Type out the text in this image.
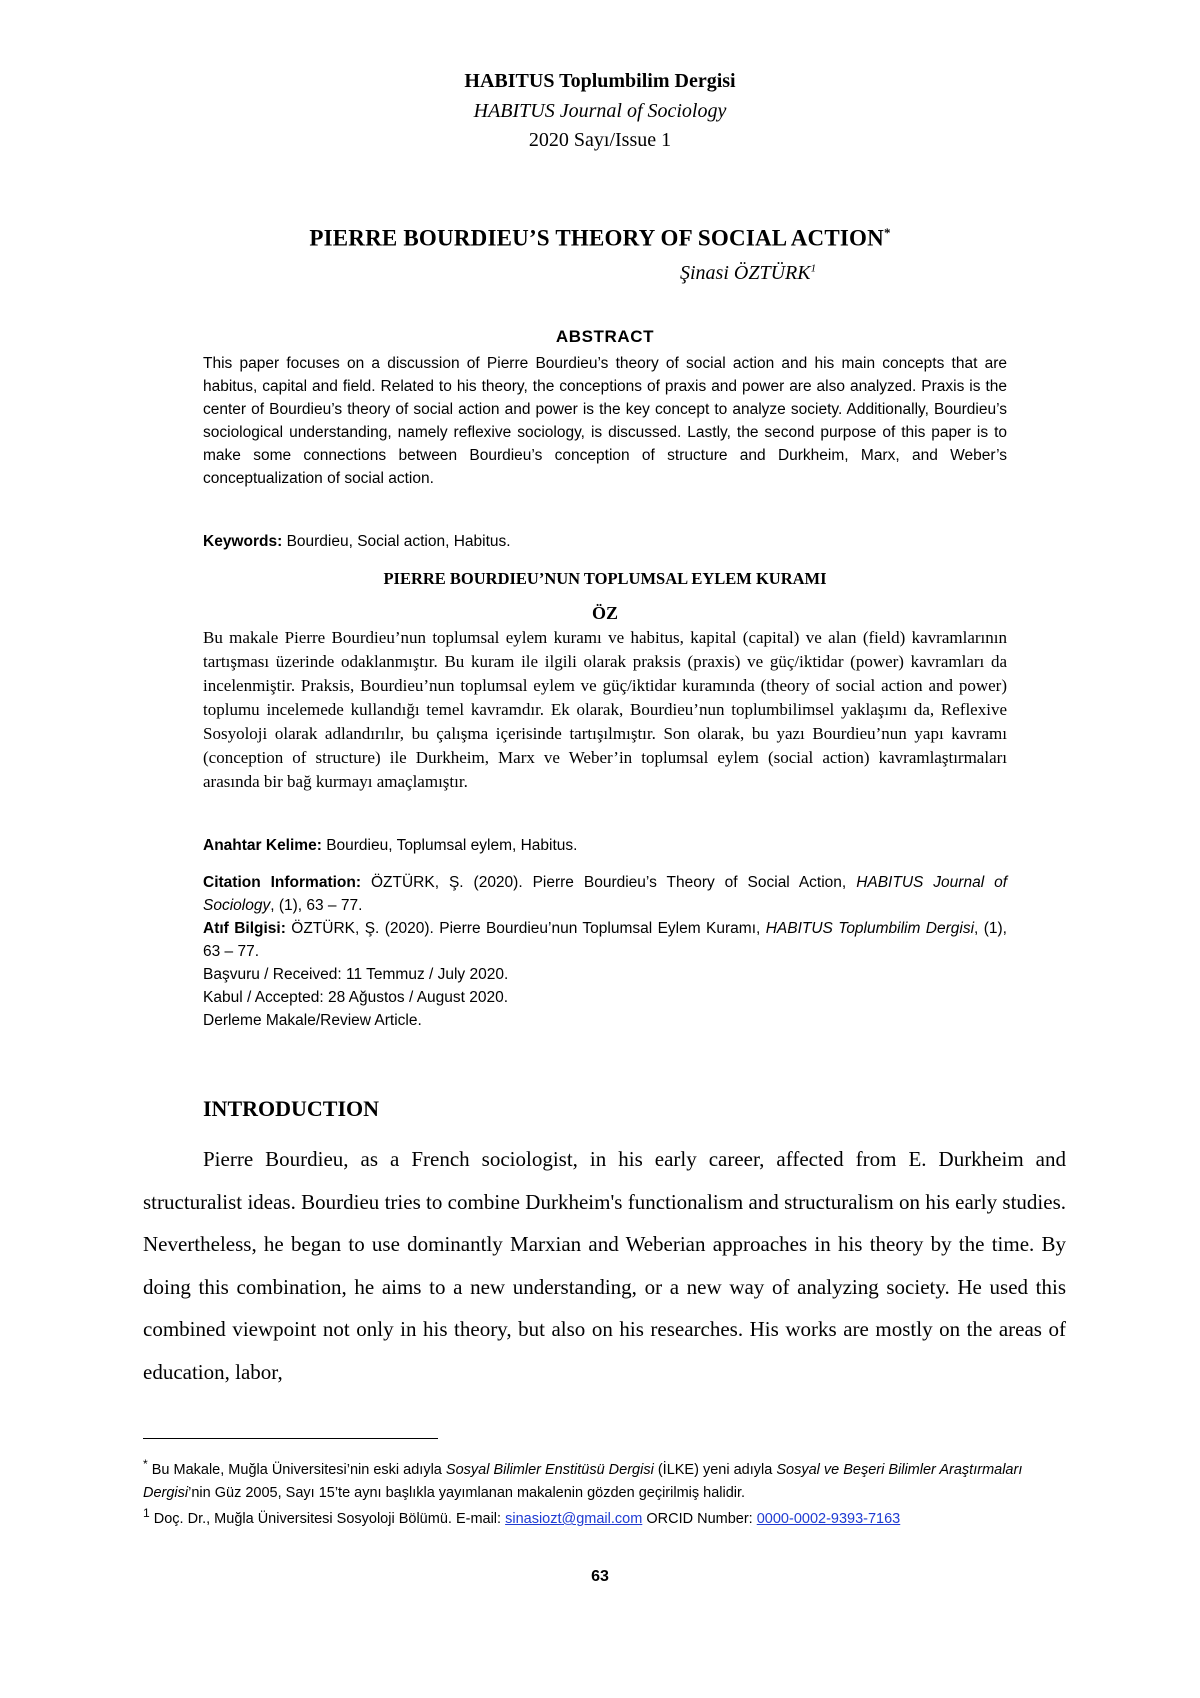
HABITUS Toplumbilim Dergisi
HABITUS Journal of Sociology
2020 Sayı/Issue 1
PIERRE BOURDIEU’S THEORY OF SOCIAL ACTION*
Şinasi ÖZTÜRK$^1$
ABSTRACT
This paper focuses on a discussion of Pierre Bourdieu’s theory of social action and his main concepts that are habitus, capital and field. Related to his theory, the conceptions of praxis and power are also analyzed. Praxis is the center of Bourdieu’s theory of social action and power is the key concept to analyze society. Additionally, Bourdieu’s sociological understanding, namely reflexive sociology, is discussed. Lastly, the second purpose of this paper is to make some connections between Bourdieu’s conception of structure and Durkheim, Marx, and Weber’s conceptualization of social action.
Keywords: Bourdieu, Social action, Habitus.
PIERRE BOURDIEU’NUN TOPLUMSAL EYLEM KURAMI
ÖZ
Bu makale Pierre Bourdieu’nun toplumsal eylem kuramı ve habitus, kapital (capital) ve alan (field) kavramlarının tartışması üzerinde odaklanmıştır. Bu kuram ile ilgili olarak praksis (praxis) ve güç/iktidar (power) kavramları da incelenmiştir. Praksis, Bourdieu’nun toplumsal eylem ve güç/iktidar kuramında (theory of social action and power) toplumu incelemede kullandığı temel kavramdır. Ek olarak, Bourdieu’nun toplumbilimsel yaklaşımı da, Reflexive Sosyoloji olarak adlandırılır, bu çalışma içerisinde tartışılmıştır. Son olarak, bu yazı Bourdieu’nun yapı kavramı (conception of structure) ile Durkheim, Marx ve Weber’in toplumsal eylem (social action) kavramlaştırmaları arasında bir bağ kurmayı amaçlamıştır.
Anahtar Kelime: Bourdieu, Toplumsal eylem, Habitus.
Citation Information: ÖZTÜRK, Ş. (2020). Pierre Bourdieu’s Theory of Social Action, HABITUS Journal of Sociology, (1), 63 – 77.
Atıf Bilgisi: ÖZTÜRK, Ş. (2020). Pierre Bourdieu’nun Toplumsal Eylem Kuramı, HABITUS Toplumbilim Dergisi, (1), 63 – 77.
Başvuru / Received: 11 Temmuz / July 2020.
Kabul / Accepted: 28 Ağustos / August 2020.
Derleme Makale/Review Article.
INTRODUCTION
Pierre Bourdieu, as a French sociologist, in his early career, affected from E. Durkheim and structuralist ideas. Bourdieu tries to combine Durkheim's functionalism and structuralism on his early studies. Nevertheless, he began to use dominantly Marxian and Weberian approaches in his theory by the time. By doing this combination, he aims to a new understanding, or a new way of analyzing society. He used this combined viewpoint not only in his theory, but also on his researches. His works are mostly on the areas of education, labor,
* Bu Makale, Muğla Üniversitesi’nin eski adıyla Sosyal Bilimler Enstitüsü Dergisi (İLKE) yeni adıyla Sosyal ve Beşeri Bilimler Araştırmaları Dergisi’nin Güz 2005, Sayı 15’te aynı başlıkla yayımlanan makalenin gözden geçirilmiş halidir.
$^1$ Doç. Dr., Muğla Üniversitesi Sosyoloji Bölümü. E-mail: sinasiozt@gmail.com ORCID Number: 0000-0002-9393-7163
63
